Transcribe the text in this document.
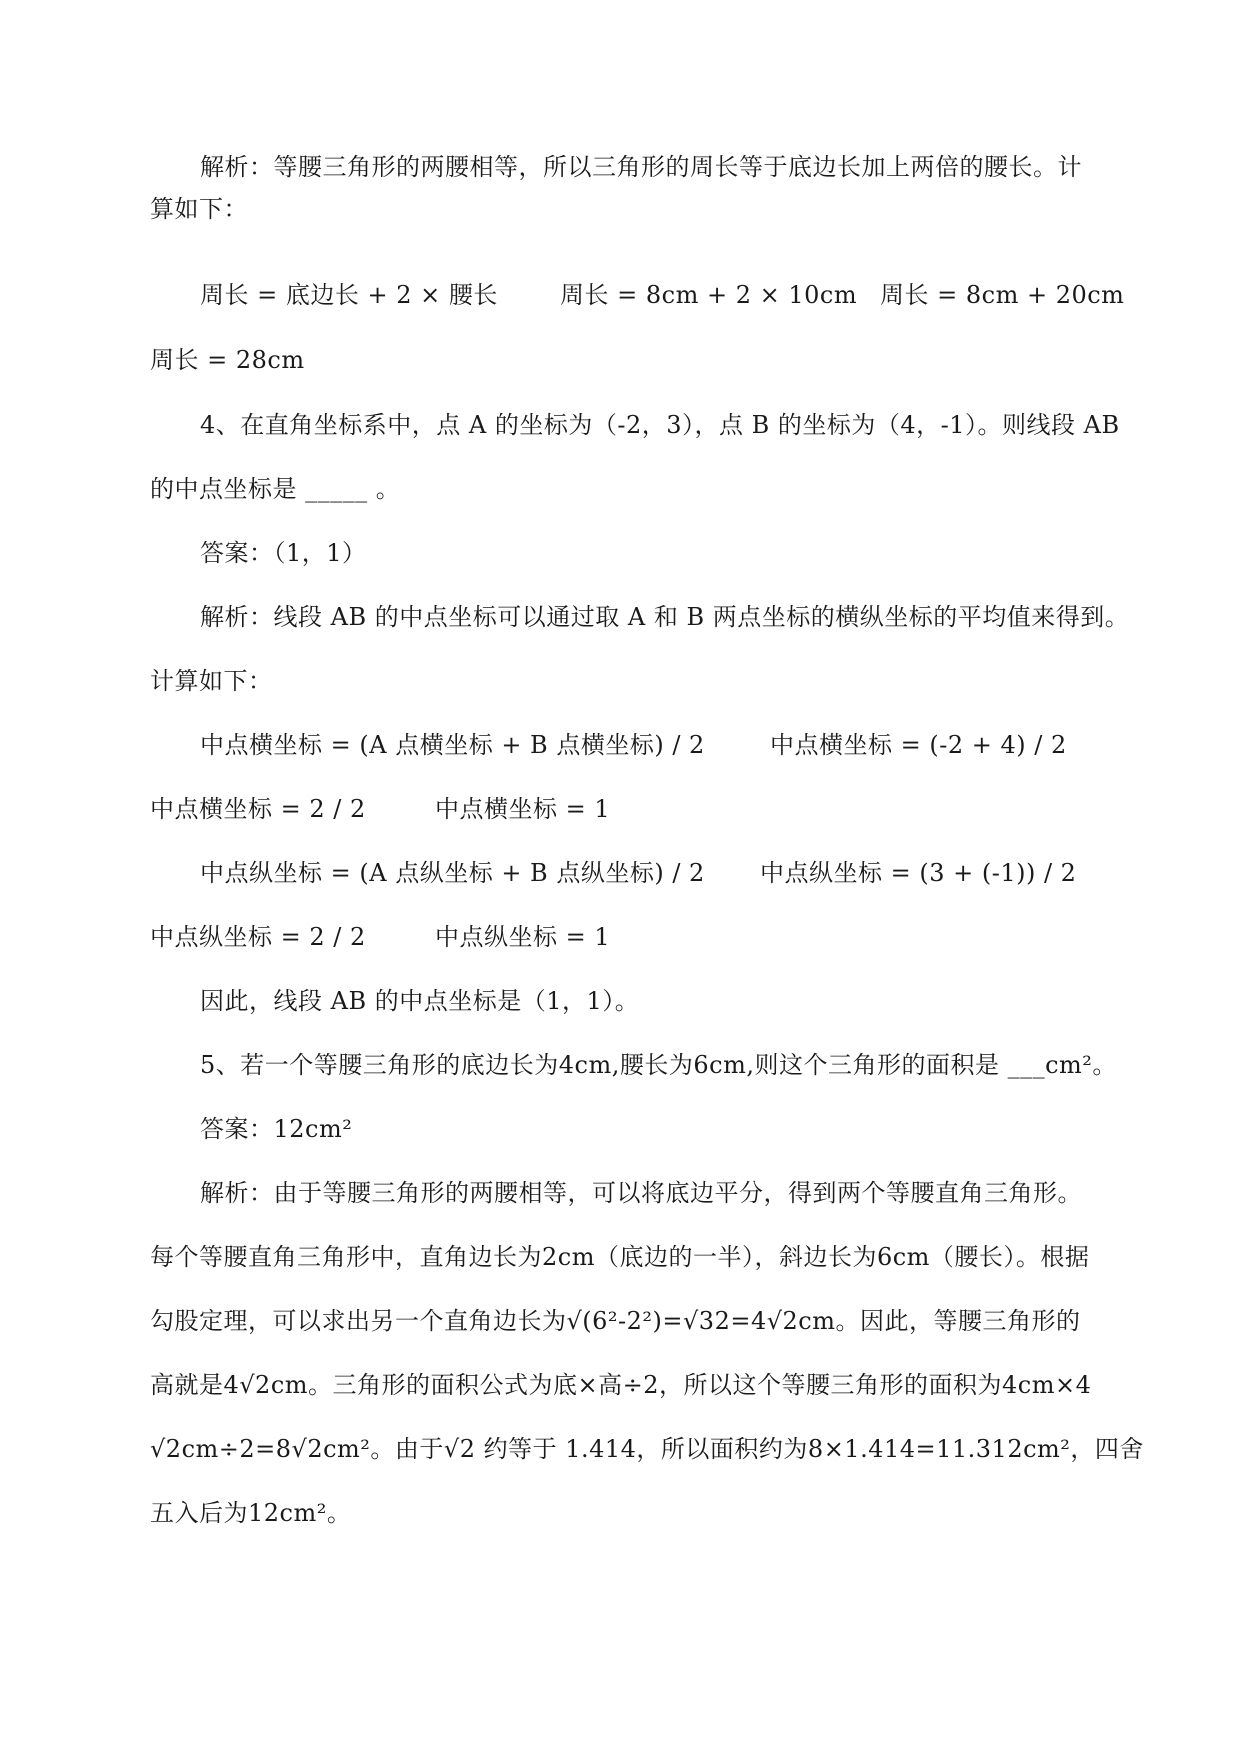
解析：等腰三角形的两腰相等，所以三角形的周长等于底边长加上两倍的腰长。计
算如下：
周长 = 底边长 + 2 × 腰长	周长 = 8cm + 2 × 10cm 周长 = 8cm + 20cm
周长 = 28cm
4、在直角坐标系中，点 A 的坐标为（-2，3），点 B 的坐标为（4，-1）。则线段 AB
的中点坐标是 _____ 。
答案：（1，1）
解析：线段 AB 的中点坐标可以通过取 A 和 B 两点坐标的横纵坐标的平均值来得到。
计算如下：
中点横坐标 = (A 点横坐标 + B 点横坐标) / 2	中点横坐标 = (-2 + 4) / 2
中点横坐标 = 2 / 2	中点横坐标 = 1
中点纵坐标 = (A 点纵坐标 + B 点纵坐标) / 2 中点纵坐标 = (3 + (-1)) / 2
中点纵坐标 = 2 / 2	中点纵坐标 = 1
因此，线段 AB 的中点坐标是（1，1）。
5、若一个等腰三角形的底边长为4cm,腰长为6cm,则这个三角形的面积是 ___cm²。
答案：12cm²
解析：由于等腰三角形的两腰相等，可以将底边平分，得到两个等腰直角三角形。
每个等腰直角三角形中，直角边长为2cm（底边的一半），斜边长为6cm（腰长）。根据
勾股定理，可以求出另一个直角边长为√(6²-2²)=√32=4√2cm。因此，等腰三角形的
高就是4√2cm。三角形的面积公式为底×高÷2，所以这个等腰三角形的面积为4cm×4
√2cm÷2=8√2cm²。由于√2 约等于 1.414，所以面积约为8×1.414=11.312cm²，四舍
五入后为12cm²。
